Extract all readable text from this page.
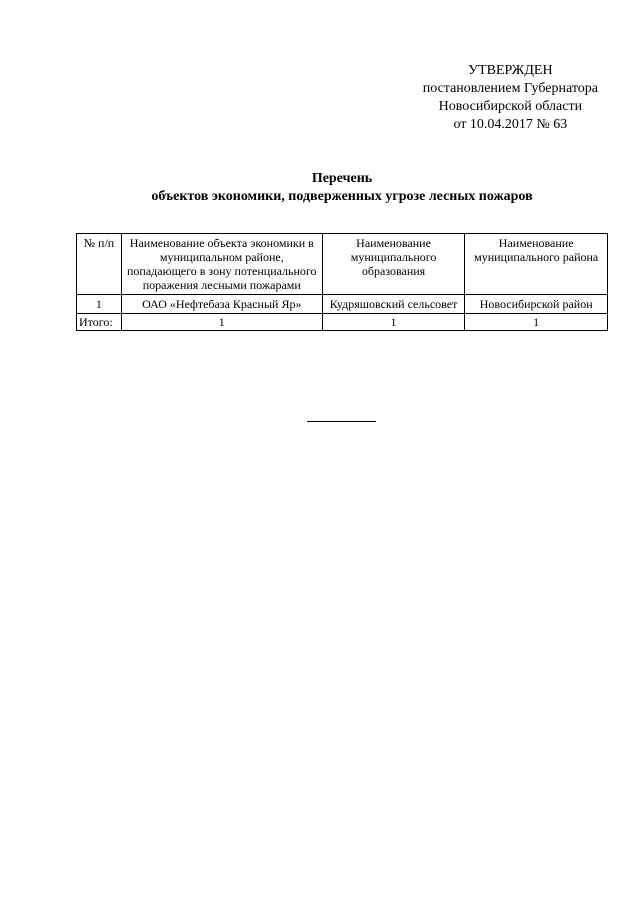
УТВЕРЖДЕН
постановлением Губернатора
Новосибирской области
от 10.04.2017 № 63
Перечень
объектов экономики, подверженных угрозе лесных пожаров
№ п/п	Наименование объекта экономики в муниципальном районе, попадающего в зону потенциального поражения лесными пожарами	Наименование муниципального образования	Наименование муниципального района
1	ОАО «Нефтебаза Красный Яр»	Кудряшовский сельсовет	Новосибирской район
Итого:	1	1	1
